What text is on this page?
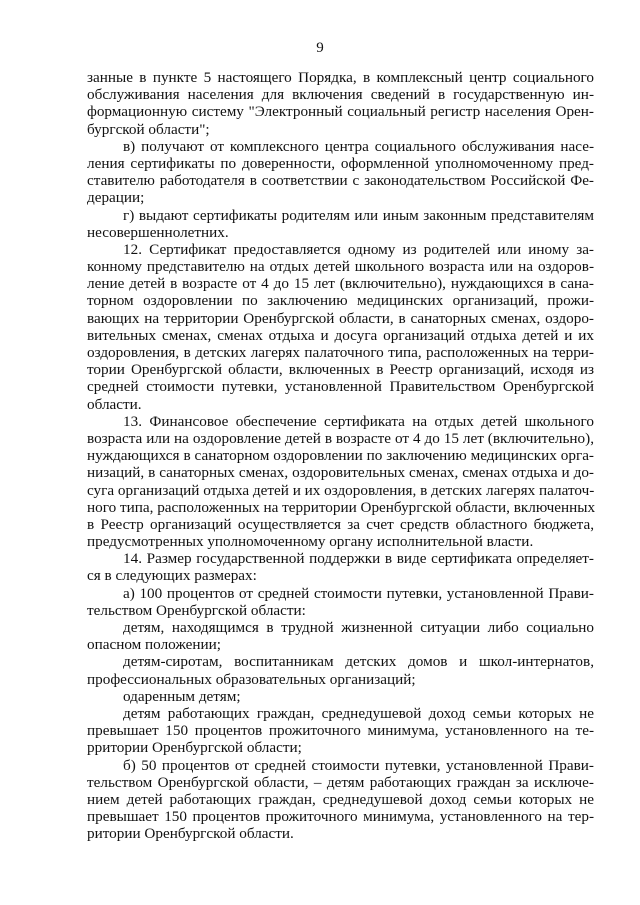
9
занные в пункте 5 настоящего Порядка, в комплексный центр социального
обслуживания населения для включения сведений в государственную ин-
формационную систему "Электронный социальный регистр населения Орен-
бургской области";
в) получают от комплексного центра социального обслуживания насе-
ления сертификаты по доверенности, оформленной уполномоченному пред-
ставителю работодателя в соответствии с законодательством Российской Фе-
дерации;
г) выдают сертификаты родителям или иным законным представителям
несовершеннолетних.
12. Сертификат предоставляется одному из родителей или иному за-
конному представителю на отдых детей школьного возраста или на оздоров-
ление детей в возрасте от 4 до 15 лет (включительно), нуждающихся в сана-
торном оздоровлении по заключению медицинских организаций, прожи-
вающих на территории Оренбургской области, в санаторных сменах, оздоро-
вительных сменах, сменах отдыха и досуга организаций отдыха детей и их
оздоровления, в детских лагерях палаточного типа, расположенных на терри-
тории Оренбургской области, включенных в Реестр организаций, исходя из
средней стоимости путевки, установленной Правительством Оренбургской
области.
13. Финансовое обеспечение сертификата на отдых детей школьного
возраста или на оздоровление детей в возрасте от 4 до 15 лет (включительно),
нуждающихся в санаторном оздоровлении по заключению медицинских орга-
низаций, в санаторных сменах, оздоровительных сменах, сменах отдыха и до-
суга организаций отдыха детей и их оздоровления, в детских лагерях палаточ-
ного типа, расположенных на территории Оренбургской области, включенных
в Реестр организаций осуществляется за счет средств областного бюджета,
предусмотренных уполномоченному органу исполнительной власти.
14. Размер государственной поддержки в виде сертификата определяет-
ся в следующих размерах:
а) 100 процентов от средней стоимости путевки, установленной Прави-
тельством Оренбургской области:
детям, находящимся в трудной жизненной ситуации либо социально
опасном положении;
детям-сиротам, воспитанникам детских домов и школ-интернатов,
профессиональных образовательных организаций;
одаренным детям;
детям работающих граждан, среднедушевой доход семьи которых не
превышает 150 процентов прожиточного минимума, установленного на те-
рритории Оренбургской области;
б) 50 процентов от средней стоимости путевки, установленной Прави-
тельством Оренбургской области, – детям работающих граждан за исключе-
нием детей работающих граждан, среднедушевой доход семьи которых не
превышает 150 процентов прожиточного минимума, установленного на тер-
ритории Оренбургской области.
